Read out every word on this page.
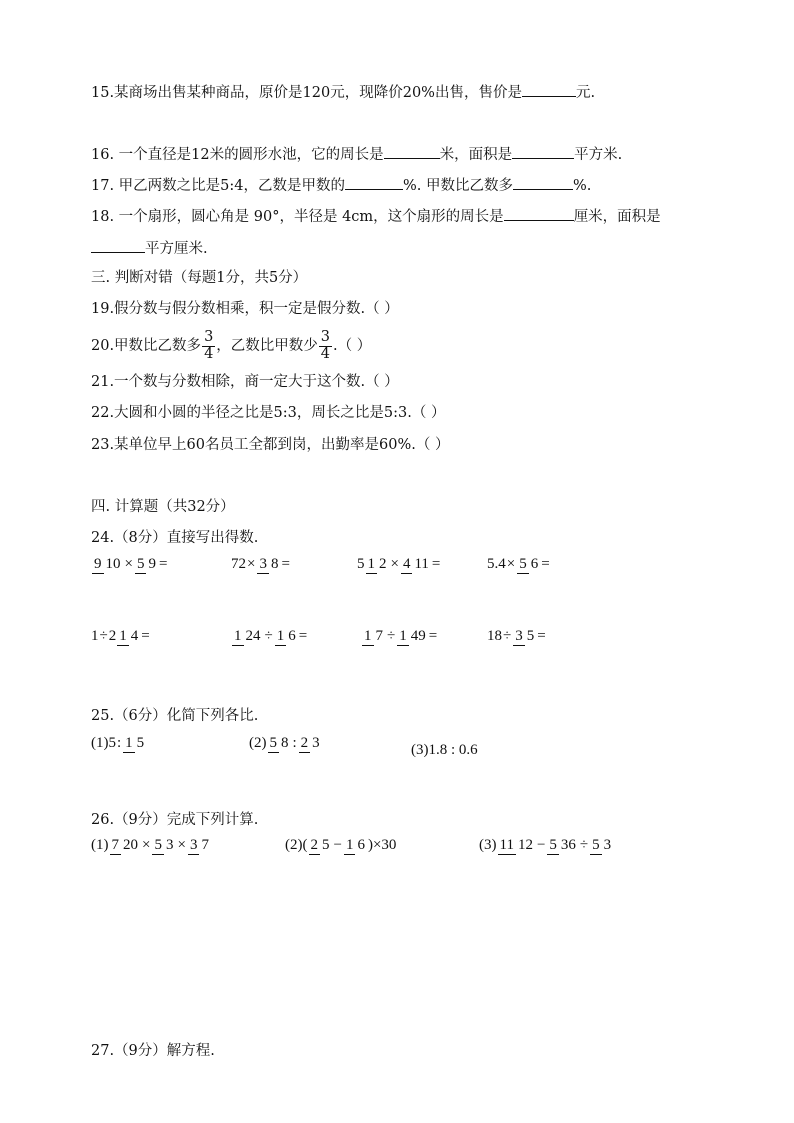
15.某商场出售某种商品，原价是120元，现降价20%出售，售价是	元.
16. 一个直径是12米的圆形水池，它的周长是	米，面积是	平方米.
17. 甲乙两数之比是5:4，乙数是甲数的	%. 甲数比乙数多	%.
18. 一个扇形，圆心角是 90°，半径是 4cm，这个扇形的周长是	厘米，面积是
平方厘米.
三. 判断对错（每题1分，共5分）
19.假分数与假分数相乘，积一定是假分数.（ ）
20.甲数比乙数多 $\frac{3}{4}$ ，乙数比甲数少 $\frac{3}{4}$ .（ ）
21.一个数与分数相除，商一定大于这个数.（ ）
22.大圆和小圆的半径之比是5:3，周长之比是5:3.（ ）
23.某单位早上60名员工全都到岗，出勤率是60%.（ ）
四. 计算题（共32分）
24.（8分）直接写出得数.
9 10 × 5 9 =	72 × 3 8 =	5 1 2 × 4 11 =	5.4 × 5 6 =
1 ÷ 2 1 4 =	1 24 ÷ 1 6 =	1 7 ÷ 1 49 =	18 ÷ 3 5 =
25.（6分）化简下列各比.
(1)5 : 1 5	(2) 5 8 : 2 3	(3)1.8 : 0.6
26.（9分）完成下列计算.
(1) 7 20 × 5 3 × 3 7	(2)( 2 5 − 1 6 )×30	(3) 11 12 − 5 36 ÷ 5 3
27.（9分）解方程.
